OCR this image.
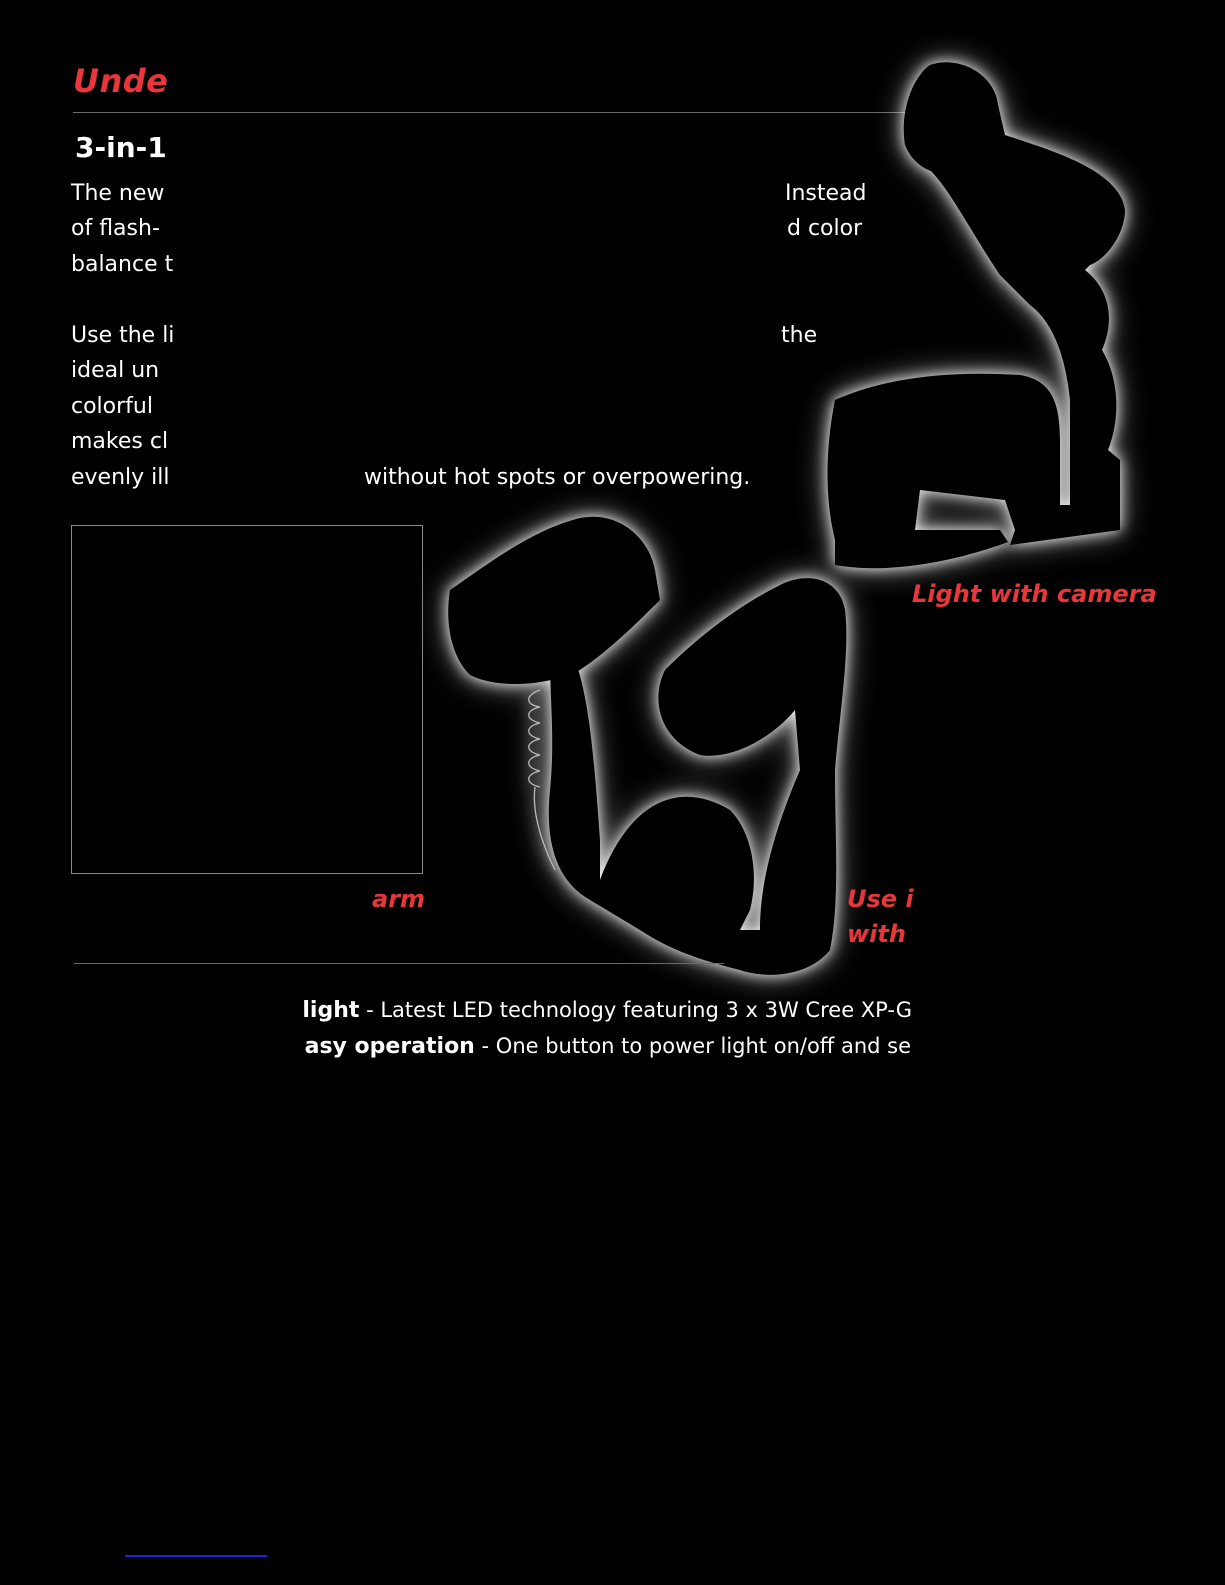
Unde
3-in-1
The new	Instead
of flash-	d color
balance t
Use the li	the
ideal un
colorful
makes cl
evenly ill	without hot spots or overpowering.
Light with camera
arm	Use i
with
light - Latest LED technology featuring 3 x 3W Cree XP-G
asy operation - One button to power light on/off and se
